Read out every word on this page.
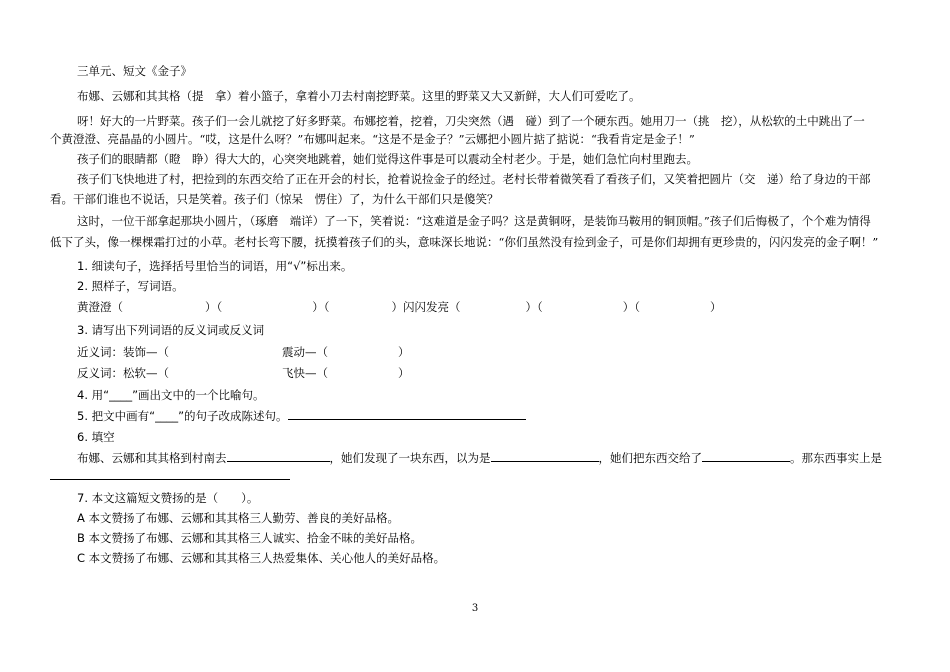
三单元、短文《金子》
布娜、云娜和其其格（提　拿）着小篮子，拿着小刀去村南挖野菜。这里的野菜又大又新鲜，大人们可爱吃了。
呀！好大的一片野菜。孩子们一会儿就挖了好多野菜。布娜挖着，挖着，刀尖突然（遇　碰）到了一个硬东西。她用刀一（挑　挖），从松软的土中跳出了一
个黄澄澄、亮晶晶的小圆片。“哎，这是什么呀？”布娜叫起来。“这是不是金子？”云娜把小圆片掂了掂说：“我看肯定是金子！”
孩子们的眼睛都（瞪　睁）得大大的，心突突地跳着，她们觉得这件事是可以震动全村老少。于是，她们急忙向村里跑去。
孩子们飞快地进了村，把捡到的东西交给了正在开会的村长，抢着说捡金子的经过。老村长带着微笑看了看孩子们，又笑着把圆片（交　递）给了身边的干部
看。干部们谁也不说话，只是笑着。孩子们（惊呆　愣住）了，为什么干部们只是傻笑？
这时，一位干部拿起那块小圆片，（琢磨　端详）了一下，笑着说：“这难道是金子吗？这是黄铜呀，是装饰马鞍用的铜顶帽。”孩子们后悔极了，个个难为情得
低下了头，像一棵棵霜打过的小草。老村长弯下腰，抚摸着孩子们的头，意味深长地说：“你们虽然没有捡到金子，可是你们却拥有更珍贵的，闪闪发亮的金子啊！”
1. 细读句子，选择括号里恰当的词语，用“√”标出来。
2. 照样子，写词语。
黄澄澄（	）（	）（	）闪闪发亮（	）（	）（	）
3. 请写出下列词语的反义词或反义词
近义词：装饰—（	震动—（	）
反义词：松软—（	飞快—（	）
4. 用“____”画出文中的一个比喻句。
5. 把文中画有“____”的句子改成陈述句。
6. 填空
布娜、云娜和其其格到村南去	，她们发现了一块东西，以为是	，她们把东西交给了	。那东西事实上是
7. 本文这篇短文赞扬的是（　　）。
A 本文赞扬了布娜、云娜和其其格三人勤劳、善良的美好品格。
B 本文赞扬了布娜、云娜和其其格三人诚实、拾金不昧的美好品格。
C 本文赞扬了布娜、云娜和其其格三人热爱集体、关心他人的美好品格。
3
